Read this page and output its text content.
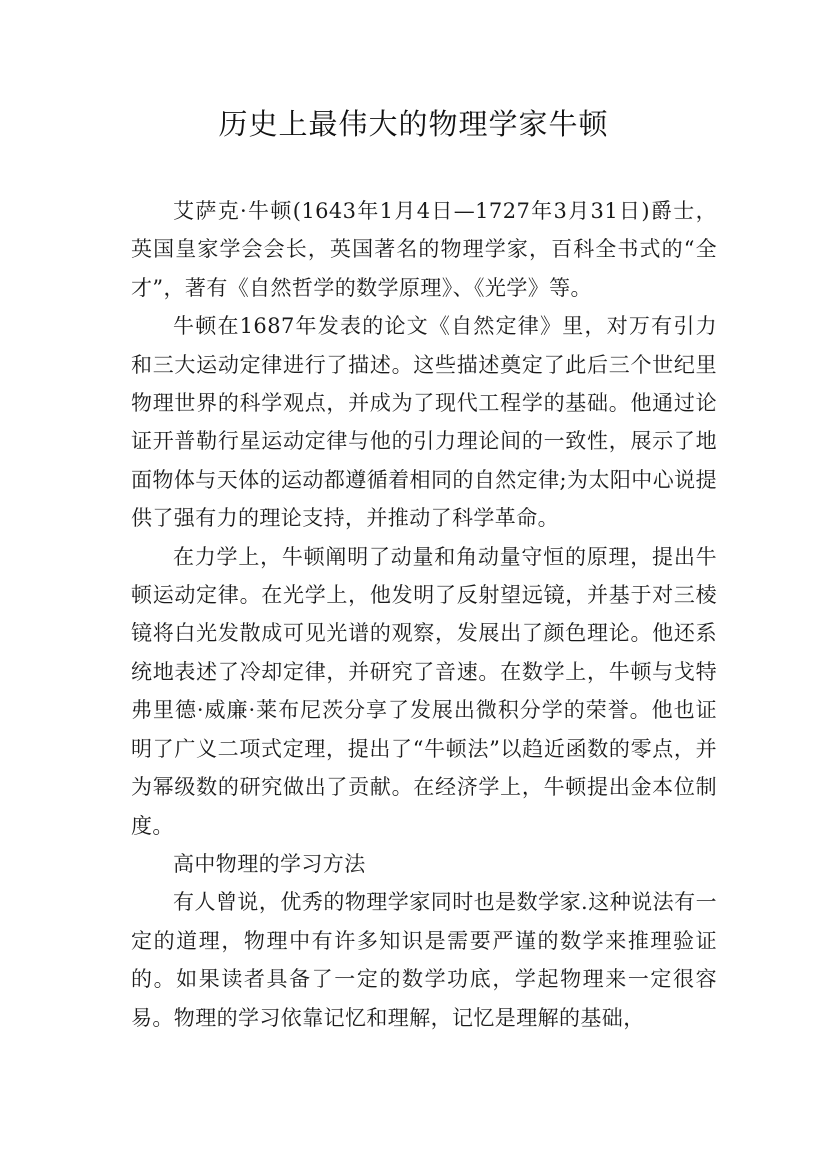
历史上最伟大的物理学家牛顿

艾萨克·牛顿(1643年1月4日—1727年3月31日)爵士，英国皇家学会会长，英国著名的物理学家，百科全书式的“全才”，著有《自然哲学的数学原理》、《光学》等。

牛顿在1687年发表的论文《自然定律》里，对万有引力和三大运动定律进行了描述。这些描述奠定了此后三个世纪里物理世界的科学观点，并成为了现代工程学的基础。他通过论证开普勒行星运动定律与他的引力理论间的一致性，展示了地面物体与天体的运动都遵循着相同的自然定律;为太阳中心说提供了强有力的理论支持，并推动了科学革命。

在力学上，牛顿阐明了动量和角动量守恒的原理，提出牛顿运动定律。在光学上，他发明了反射望远镜，并基于对三棱镜将白光发散成可见光谱的观察，发展出了颜色理论。他还系统地表述了冷却定律，并研究了音速。在数学上，牛顿与戈特弗里德·威廉·莱布尼茨分享了发展出微积分学的荣誉。他也证明了广义二项式定理，提出了“牛顿法”以趋近函数的零点，并为幂级数的研究做出了贡献。在经济学上，牛顿提出金本位制度。

高中物理的学习方法

有人曾说，优秀的物理学家同时也是数学家.这种说法有一定的道理，物理中有许多知识是需要严谨的数学来推理验证的。如果读者具备了一定的数学功底，学起物理来一定很容易。物理的学习依靠记忆和理解，记忆是理解的基础，
